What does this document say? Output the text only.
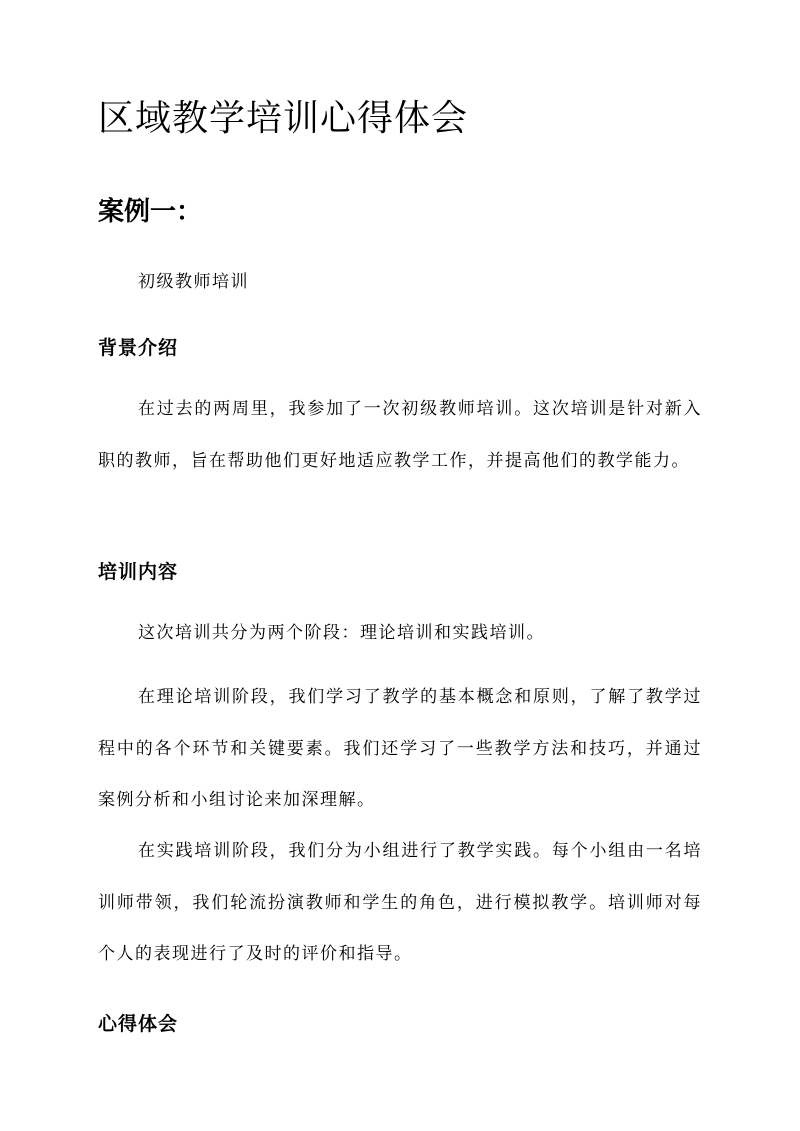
区域教学培训心得体会
案例一：

初级教师培训

背景介绍

在过去的两周里，我参加了一次初级教师培训。这次培训是针对新入职的教师，旨在帮助他们更好地适应教学工作，并提高他们的教学能力。

培训内容

这次培训共分为两个阶段：理论培训和实践培训。

在理论培训阶段，我们学习了教学的基本概念和原则，了解了教学过程中的各个环节和关键要素。我们还学习了一些教学方法和技巧，并通过案例分析和小组讨论来加深理解。

在实践培训阶段，我们分为小组进行了教学实践。每个小组由一名培训师带领，我们轮流扮演教师和学生的角色，进行模拟教学。培训师对每个人的表现进行了及时的评价和指导。

心得体会
